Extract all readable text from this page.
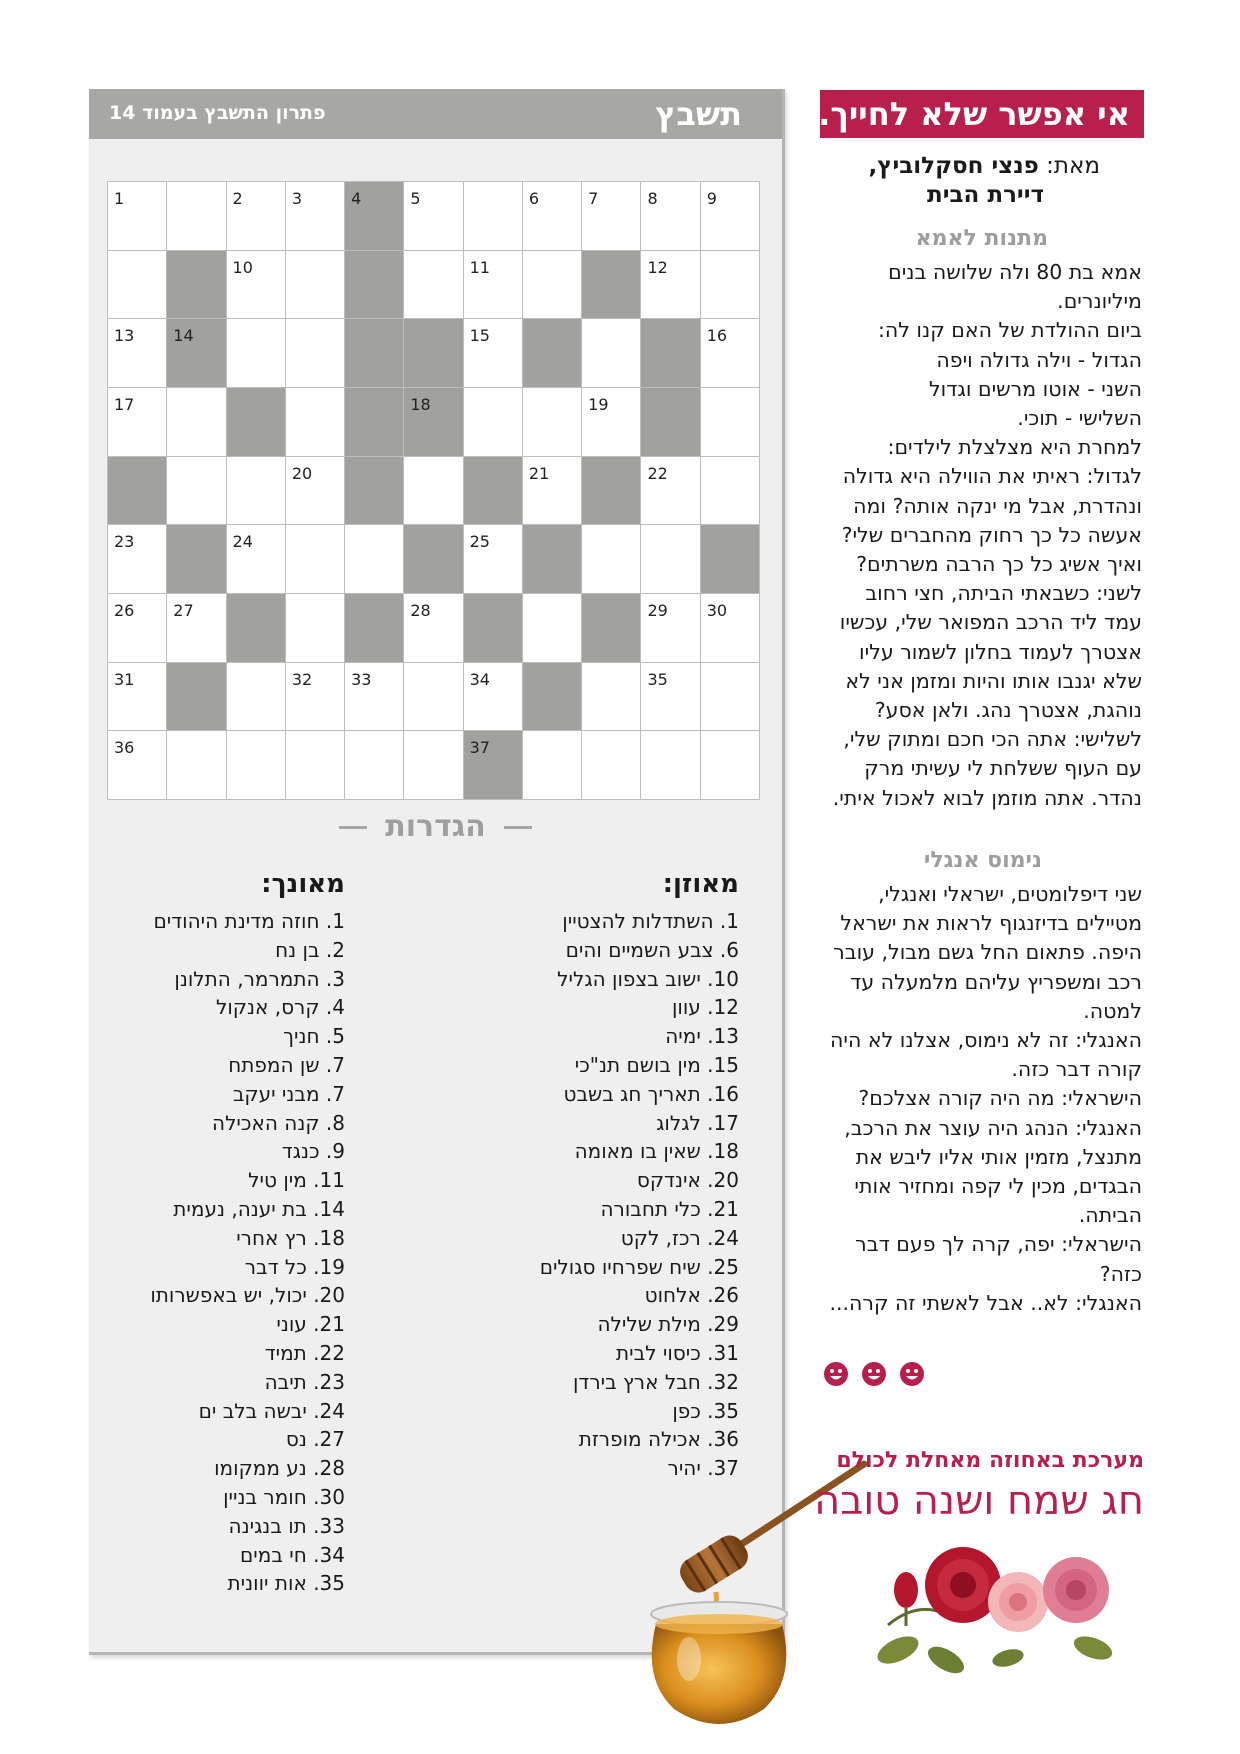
תשבץ
פתרון התשבץ בעמוד 14
1	2	3	4	5	6	7	8	9
10	11	12
13 14	15	16
17	18	19
20	21	22
23	24	25
26 27	28	29 30
31	32 33	34	35
36	37
הגדרות
מאוזן:
1. השתדלות להצטיין
6. צבע השמיים והים
10. ישוב בצפון הגליל
12. עוון
13. ימיה
15. מין בושם תנ"כי
16. תאריך חג בשבט
17. לגלוג
18. שאין בו מאומה
20. אינדקס
21. כלי תחבורה
24. רכז, לקט
25. שיח שפרחיו סגולים
26. אלחוט
29. מילת שלילה
31. כיסוי לבית
32. חבל ארץ בירדן
35. כפן
36. אכילה מופרזת
37. יהיר
מאונך:
1. חוזה מדינת היהודים
2. בן נח
3. התמרמר, התלונן
4. קרס, אנקול
5. חניך
7. שן המפתח
7. מבני יעקב
8. קנה האכילה
9. כנגד
11. מין טיל
14. בת יענה, נעמית
18. רץ אחרי
19. כל דבר
20. יכול, יש באפשרותו
21. עוני
22. תמיד
23. תיבה
24. יבשה בלב ים
27. נס
28. נע ממקומו
30. חומר בניין
33. תו בנגינה
34. חי במים
35. אות יוונית
אי אפשר שלא לחייך...
מאת: פנצי חסקלוביץ,
דיירת הבית
מתנות לאמא

אמא בת 80 ולה שלושה בנים

מיליונרים.

ביום ההולדת של האם קנו לה:

הגדול - וילה גדולה ויפה

השני - אוטו מרשים וגדול

השלישי - תוכי.

למחרת היא מצלצלת לילדים:

לגדול: ראיתי את הווילה היא גדולה

ונהדרת, אבל מי ינקה אותה? ומה

אעשה כל כך רחוק מהחברים שלי?

ואיך אשיג כל כך הרבה משרתים?

לשני: כשבאתי הביתה, חצי רחוב

עמד ליד הרכב המפואר שלי, עכשיו

אצטרך לעמוד בחלון לשמור עליו

שלא יגנבו אותו והיות ומזמן אני לא

נוהגת, אצטרך נהג. ולאן אסע?

לשלישי: אתה הכי חכם ומתוק שלי,

עם העוף ששלחת לי עשיתי מרק

נהדר. אתה מוזמן לבוא לאכול איתי.

נימוס אנגלי

שני דיפלומטים, ישראלי ואנגלי,

מטיילים בדיזנגוף לראות את ישראל

היפה. פתאום החל גשם מבול, עובר

רכב ומשפריץ עליהם מלמעלה עד

למטה.

האנגלי: זה לא נימוס, אצלנו לא היה

קורה דבר כזה.

הישראלי: מה היה קורה אצלכם?

האנגלי: הנהג היה עוצר את הרכב,

מתנצל, מזמין אותי אליו ליבש את

הבגדים, מכין לי קפה ומחזיר אותי

הביתה.

הישראלי: יפה, קרה לך פעם דבר

כזה?

האנגלי: לא.. אבל לאשתי זה קרה...

מערכת באחוזה מאחלת לכולם
חג שמח ושנה טובה
